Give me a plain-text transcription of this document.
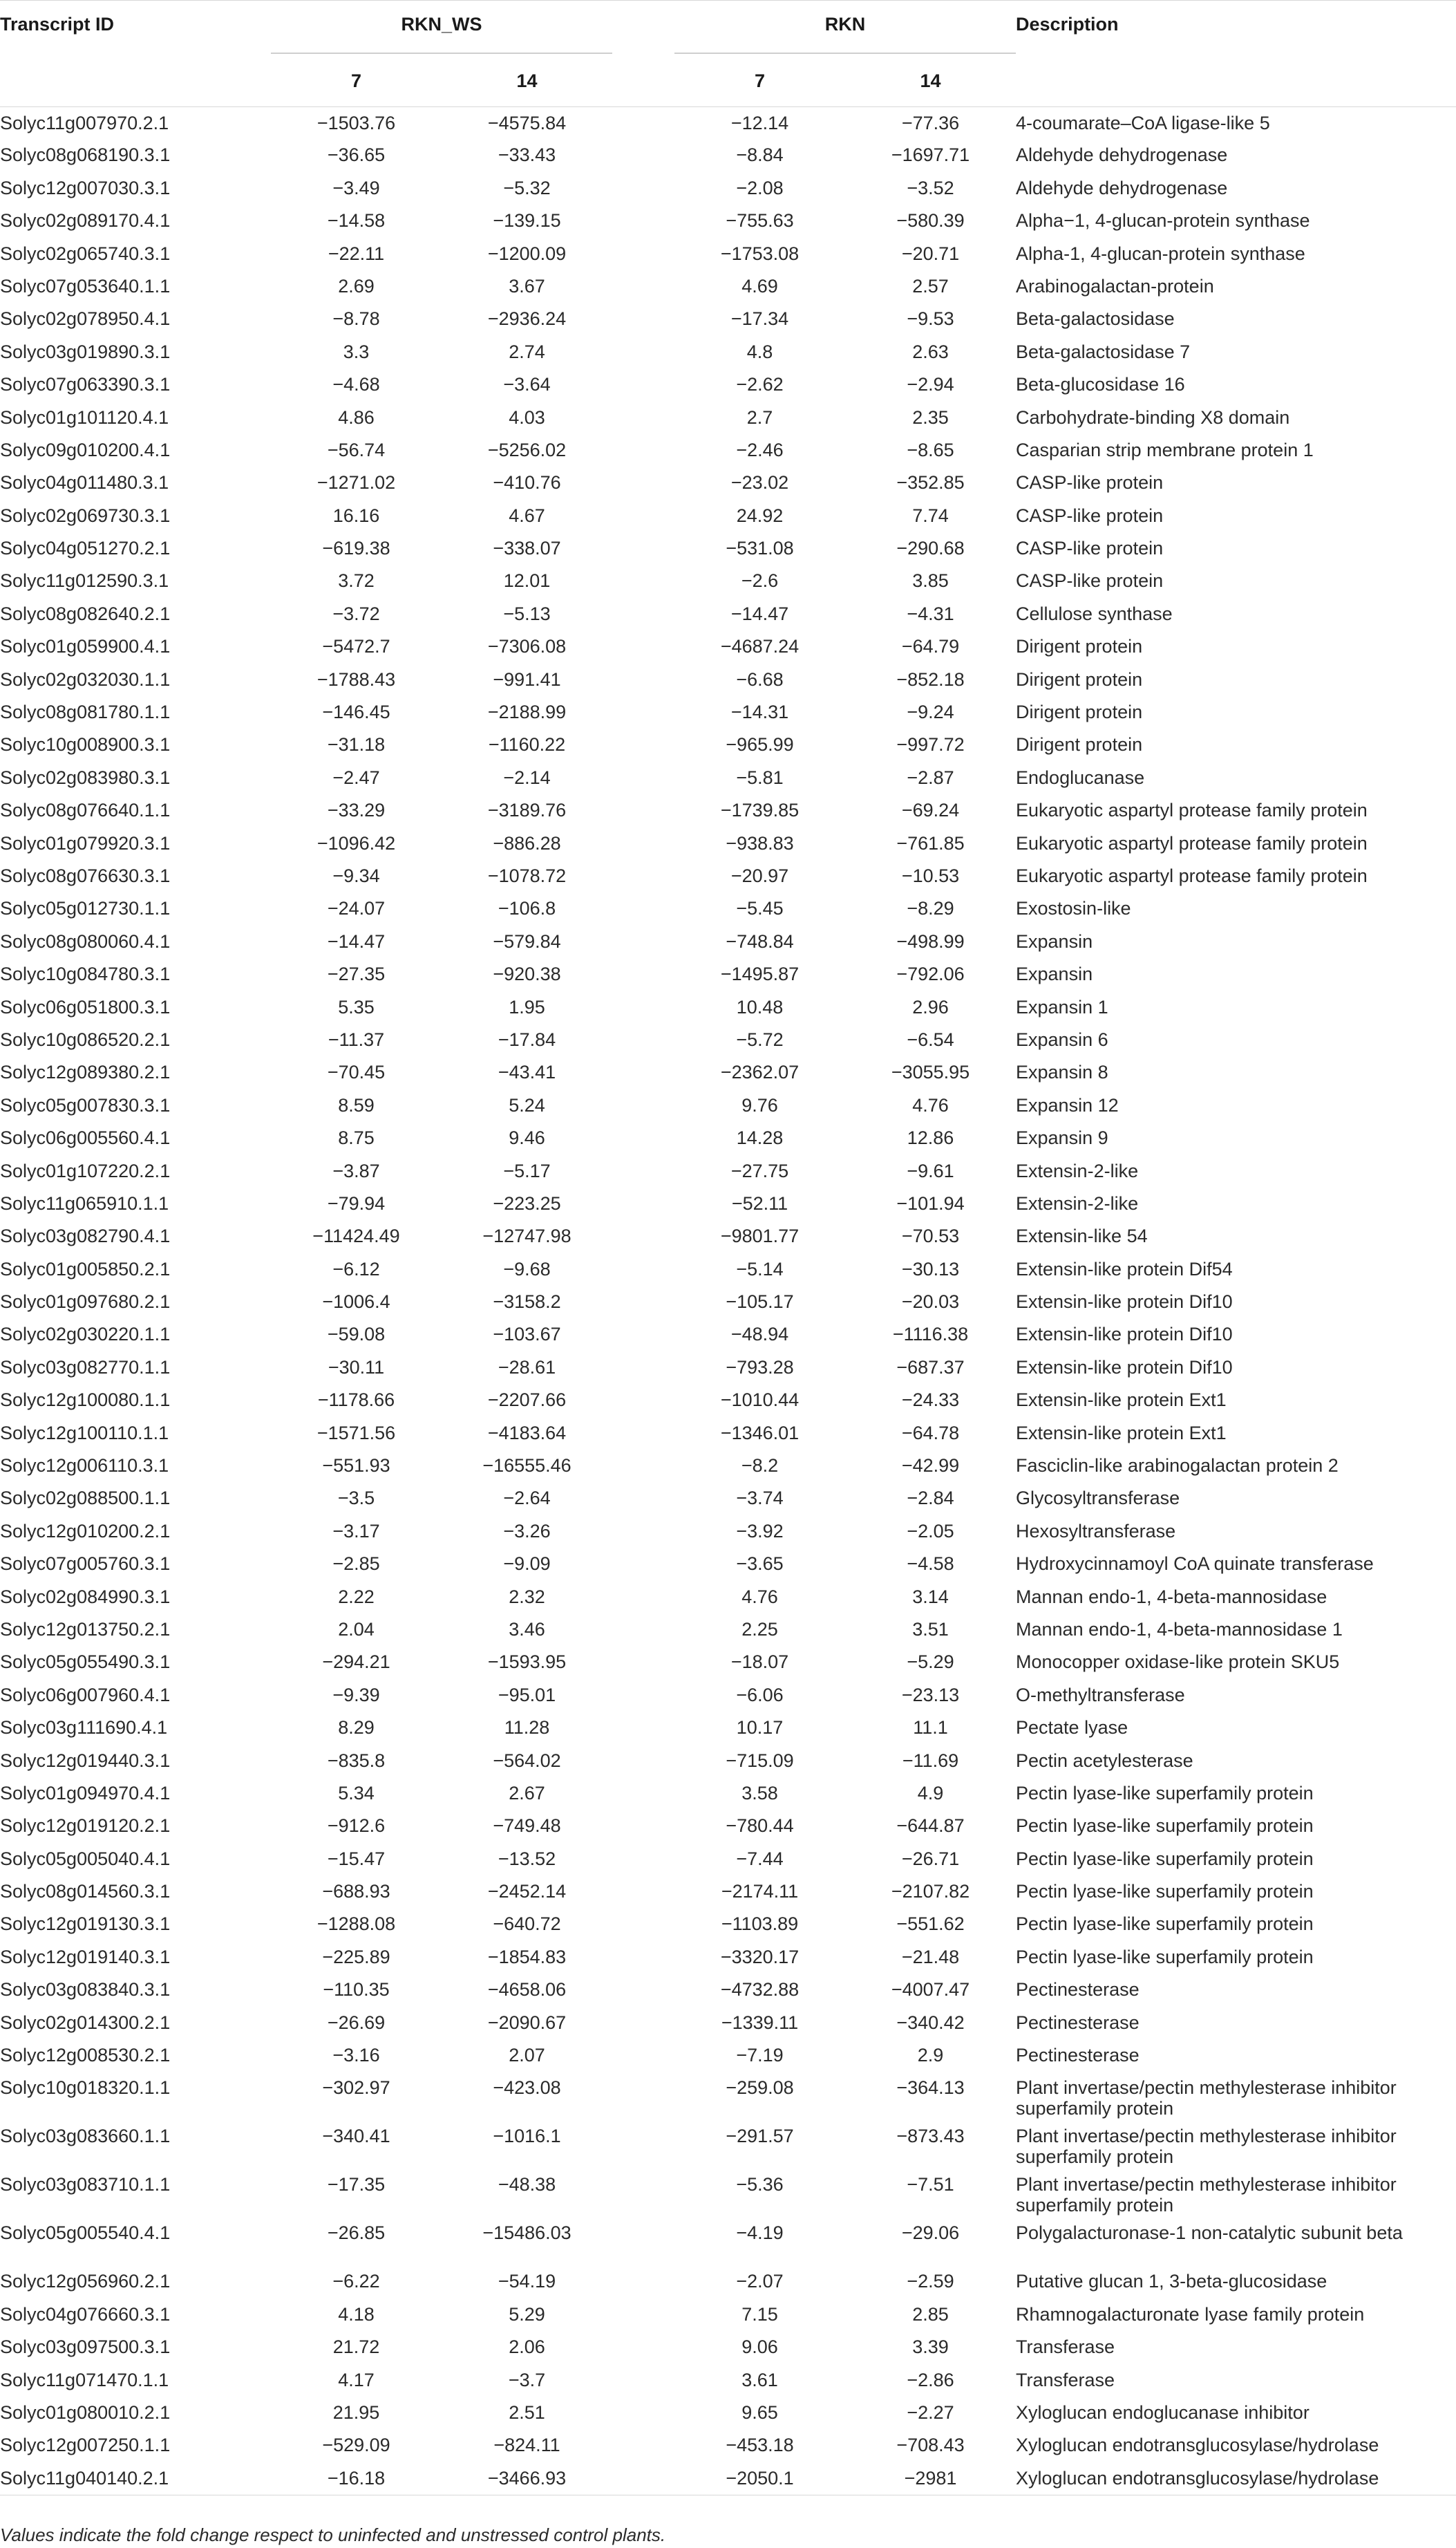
Transcript ID	RKN_WS			RKN		Description
	7	14		7	14	
Solyc11g007970.2.1	−1503.76	−4575.84		−12.14	−77.36	4-coumarate–CoA ligase-like 5
Solyc08g068190.3.1	−36.65	−33.43		−8.84	−1697.71	Aldehyde dehydrogenase
Solyc12g007030.3.1	−3.49	−5.32		−2.08	−3.52	Aldehyde dehydrogenase
Solyc02g089170.4.1	−14.58	−139.15		−755.63	−580.39	Alpha−1, 4-glucan-protein synthase
Solyc02g065740.3.1	−22.11	−1200.09		−1753.08	−20.71	Alpha-1, 4-glucan-protein synthase
Solyc07g053640.1.1	2.69	3.67		4.69	2.57	Arabinogalactan-protein
Solyc02g078950.4.1	−8.78	−2936.24		−17.34	−9.53	Beta-galactosidase
Solyc03g019890.3.1	3.3	2.74		4.8	2.63	Beta-galactosidase 7
Solyc07g063390.3.1	−4.68	−3.64		−2.62	−2.94	Beta-glucosidase 16
Solyc01g101120.4.1	4.86	4.03		2.7	2.35	Carbohydrate-binding X8 domain
Solyc09g010200.4.1	−56.74	−5256.02		−2.46	−8.65	Casparian strip membrane protein 1
Solyc04g011480.3.1	−1271.02	−410.76		−23.02	−352.85	CASP-like protein
Solyc02g069730.3.1	16.16	4.67		24.92	7.74	CASP-like protein
Solyc04g051270.2.1	−619.38	−338.07		−531.08	−290.68	CASP-like protein
Solyc11g012590.3.1	3.72	12.01		−2.6	3.85	CASP-like protein
Solyc08g082640.2.1	−3.72	−5.13		−14.47	−4.31	Cellulose synthase
Solyc01g059900.4.1	−5472.7	−7306.08		−4687.24	−64.79	Dirigent protein
Solyc02g032030.1.1	−1788.43	−991.41		−6.68	−852.18	Dirigent protein
Solyc08g081780.1.1	−146.45	−2188.99		−14.31	−9.24	Dirigent protein
Solyc10g008900.3.1	−31.18	−1160.22		−965.99	−997.72	Dirigent protein
Solyc02g083980.3.1	−2.47	−2.14		−5.81	−2.87	Endoglucanase
Solyc08g076640.1.1	−33.29	−3189.76		−1739.85	−69.24	Eukaryotic aspartyl protease family protein
Solyc01g079920.3.1	−1096.42	−886.28		−938.83	−761.85	Eukaryotic aspartyl protease family protein
Solyc08g076630.3.1	−9.34	−1078.72		−20.97	−10.53	Eukaryotic aspartyl protease family protein
Solyc05g012730.1.1	−24.07	−106.8		−5.45	−8.29	Exostosin-like
Solyc08g080060.4.1	−14.47	−579.84		−748.84	−498.99	Expansin
Solyc10g084780.3.1	−27.35	−920.38		−1495.87	−792.06	Expansin
Solyc06g051800.3.1	5.35	1.95		10.48	2.96	Expansin 1
Solyc10g086520.2.1	−11.37	−17.84		−5.72	−6.54	Expansin 6
Solyc12g089380.2.1	−70.45	−43.41		−2362.07	−3055.95	Expansin 8
Solyc05g007830.3.1	8.59	5.24		9.76	4.76	Expansin 12
Solyc06g005560.4.1	8.75	9.46		14.28	12.86	Expansin 9
Solyc01g107220.2.1	−3.87	−5.17		−27.75	−9.61	Extensin-2-like
Solyc11g065910.1.1	−79.94	−223.25		−52.11	−101.94	Extensin-2-like
Solyc03g082790.4.1	−11424.49	−12747.98		−9801.77	−70.53	Extensin-like 54
Solyc01g005850.2.1	−6.12	−9.68		−5.14	−30.13	Extensin-like protein Dif54
Solyc01g097680.2.1	−1006.4	−3158.2		−105.17	−20.03	Extensin-like protein Dif10
Solyc02g030220.1.1	−59.08	−103.67		−48.94	−1116.38	Extensin-like protein Dif10
Solyc03g082770.1.1	−30.11	−28.61		−793.28	−687.37	Extensin-like protein Dif10
Solyc12g100080.1.1	−1178.66	−2207.66		−1010.44	−24.33	Extensin-like protein Ext1
Solyc12g100110.1.1	−1571.56	−4183.64		−1346.01	−64.78	Extensin-like protein Ext1
Solyc12g006110.3.1	−551.93	−16555.46		−8.2	−42.99	Fasciclin-like arabinogalactan protein 2
Solyc02g088500.1.1	−3.5	−2.64		−3.74	−2.84	Glycosyltransferase
Solyc12g010200.2.1	−3.17	−3.26		−3.92	−2.05	Hexosyltransferase
Solyc07g005760.3.1	−2.85	−9.09		−3.65	−4.58	Hydroxycinnamoyl CoA quinate transferase
Solyc02g084990.3.1	2.22	2.32		4.76	3.14	Mannan endo-1, 4-beta-mannosidase
Solyc12g013750.2.1	2.04	3.46		2.25	3.51	Mannan endo-1, 4-beta-mannosidase 1
Solyc05g055490.3.1	−294.21	−1593.95		−18.07	−5.29	Monocopper oxidase-like protein SKU5
Solyc06g007960.4.1	−9.39	−95.01		−6.06	−23.13	O-methyltransferase
Solyc03g111690.4.1	8.29	11.28		10.17	11.1	Pectate lyase
Solyc12g019440.3.1	−835.8	−564.02		−715.09	−11.69	Pectin acetylesterase
Solyc01g094970.4.1	5.34	2.67		3.58	4.9	Pectin lyase-like superfamily protein
Solyc12g019120.2.1	−912.6	−749.48		−780.44	−644.87	Pectin lyase-like superfamily protein
Solyc05g005040.4.1	−15.47	−13.52		−7.44	−26.71	Pectin lyase-like superfamily protein
Solyc08g014560.3.1	−688.93	−2452.14		−2174.11	−2107.82	Pectin lyase-like superfamily protein
Solyc12g019130.3.1	−1288.08	−640.72		−1103.89	−551.62	Pectin lyase-like superfamily protein
Solyc12g019140.3.1	−225.89	−1854.83		−3320.17	−21.48	Pectin lyase-like superfamily protein
Solyc03g083840.3.1	−110.35	−4658.06		−4732.88	−4007.47	Pectinesterase
Solyc02g014300.2.1	−26.69	−2090.67		−1339.11	−340.42	Pectinesterase
Solyc12g008530.2.1	−3.16	2.07		−7.19	2.9	Pectinesterase
Solyc10g018320.1.1	−302.97	−423.08		−259.08	−364.13	Plant invertase/pectin methylesterase inhibitor superfamily protein
Solyc03g083660.1.1	−340.41	−1016.1		−291.57	−873.43	Plant invertase/pectin methylesterase inhibitor superfamily protein
Solyc03g083710.1.1	−17.35	−48.38		−5.36	−7.51	Plant invertase/pectin methylesterase inhibitor superfamily protein
Solyc05g005540.4.1	−26.85	−15486.03		−4.19	−29.06	Polygalacturonase-1 non-catalytic subunit beta
Solyc12g056960.2.1	−6.22	−54.19		−2.07	−2.59	Putative glucan 1, 3-beta-glucosidase
Solyc04g076660.3.1	4.18	5.29		7.15	2.85	Rhamnogalacturonate lyase family protein
Solyc03g097500.3.1	21.72	2.06		9.06	3.39	Transferase
Solyc11g071470.1.1	4.17	−3.7		3.61	−2.86	Transferase
Solyc01g080010.2.1	21.95	2.51		9.65	−2.27	Xyloglucan endoglucanase inhibitor
Solyc12g007250.1.1	−529.09	−824.11		−453.18	−708.43	Xyloglucan endotransglucosylase/hydrolase
Solyc11g040140.2.1	−16.18	−3466.93		−2050.1	−2981	Xyloglucan endotransglucosylase/hydrolase
Values indicate the fold change respect to uninfected and unstressed control plants.
